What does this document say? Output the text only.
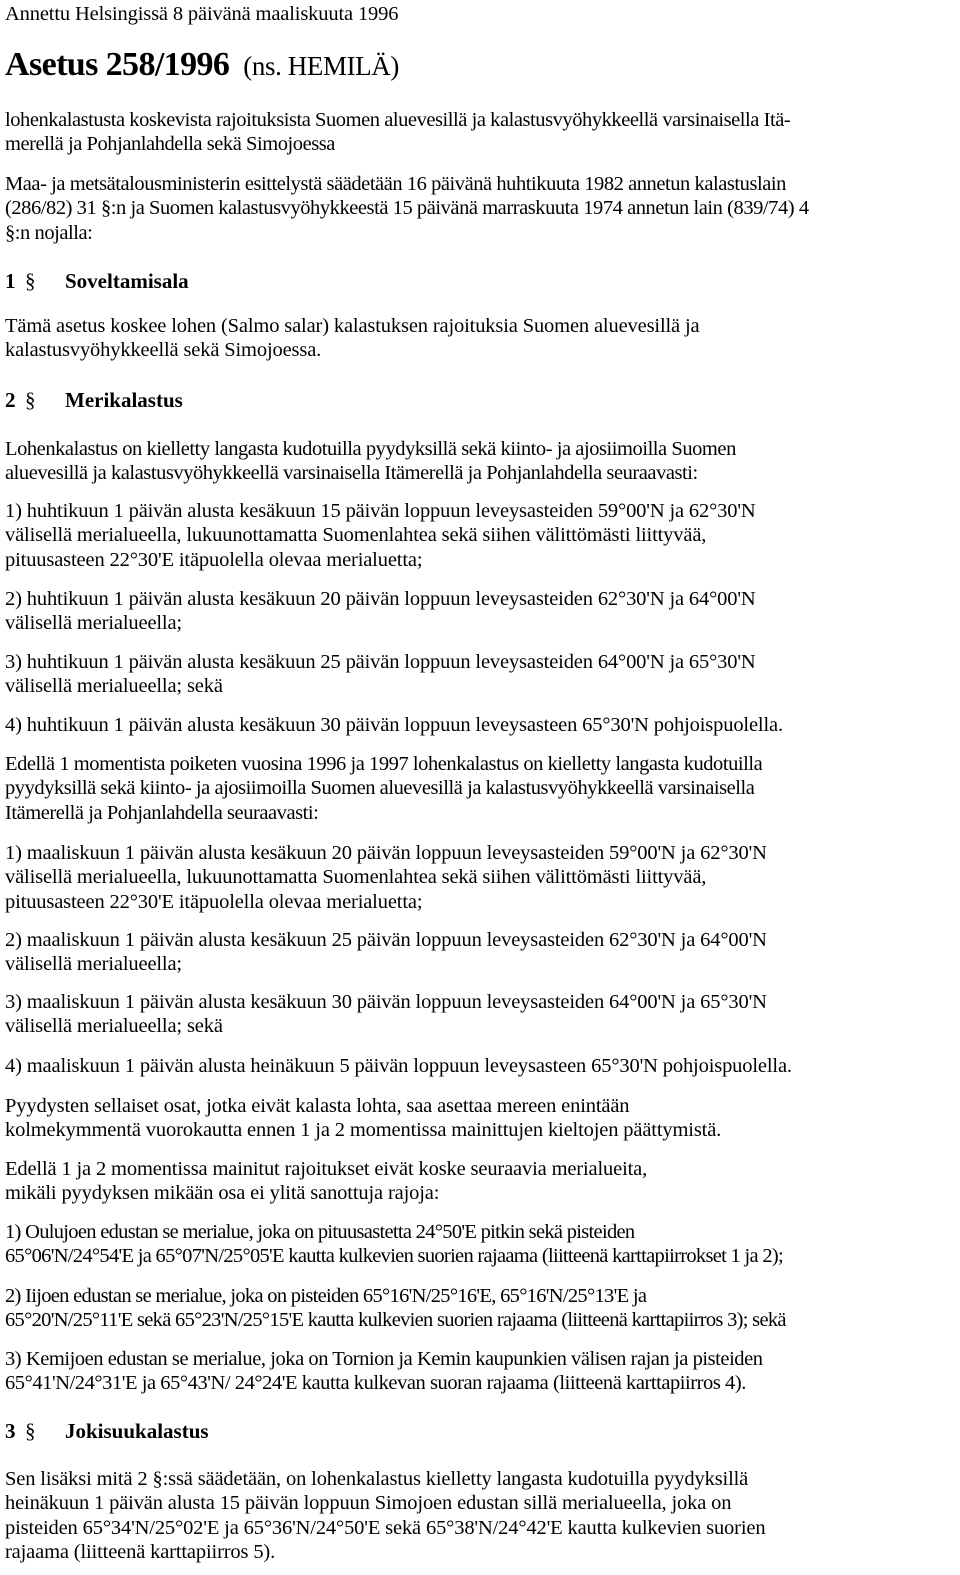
Annettu Helsingissä 8 päivänä maaliskuuta 1996

Asetus 258/1996 (ns. HEMILÄ)

lohenkalastusta koskevista rajoituksista Suomen aluevesillä ja kalastusvyöhykkeellä varsinaisella Itä-
merellä ja Pohjanlahdella sekä Simojoessa

Maa- ja metsätalousministerin esittelystä säädetään 16 päivänä huhtikuuta 1982 annetun kalastuslain
(286/82) 31 §:n ja Suomen kalastusvyöhykkeestä 15 päivänä marraskuuta 1974 annetun lain (839/74) 4
§:n nojalla:

1 § Soveltamisala

Tämä asetus koskee lohen (Salmo salar) kalastuksen rajoituksia Suomen aluevesillä ja
kalastusvyöhykkeellä sekä Simojoessa.

2 § Merikalastus

Lohenkalastus on kielletty langasta kudotuilla pyydyksillä sekä kiinto- ja ajosiimoilla Suomen
aluevesillä ja kalastusvyöhykkeellä varsinaisella Itämerellä ja Pohjanlahdella seuraavasti:

1) huhtikuun 1 päivän alusta kesäkuun 15 päivän loppuun leveysasteiden 59°00'N ja 62°30'N
välisellä merialueella, lukuunottamatta Suomenlahtea sekä siihen välittömästi liittyvää,
pituusasteen 22°30'E itäpuolella olevaa merialuetta;

2) huhtikuun 1 päivän alusta kesäkuun 20 päivän loppuun leveysasteiden 62°30'N ja 64°00'N
välisellä merialueella;

3) huhtikuun 1 päivän alusta kesäkuun 25 päivän loppuun leveysasteiden 64°00'N ja 65°30'N
välisellä merialueella; sekä

4) huhtikuun 1 päivän alusta kesäkuun 30 päivän loppuun leveysasteen 65°30'N pohjoispuolella.

Edellä 1 momentista poiketen vuosina 1996 ja 1997 lohenkalastus on kielletty langasta kudotuilla
pyydyksillä sekä kiinto- ja ajosiimoilla Suomen aluevesillä ja kalastusvyöhykkeellä varsinaisella
Itämerellä ja Pohjanlahdella seuraavasti:

1) maaliskuun 1 päivän alusta kesäkuun 20 päivän loppuun leveysasteiden 59°00'N ja 62°30'N
välisellä merialueella, lukuunottamatta Suomenlahtea sekä siihen välittömästi liittyvää,
pituusasteen 22°30'E itäpuolella olevaa merialuetta;

2) maaliskuun 1 päivän alusta kesäkuun 25 päivän loppuun leveysasteiden 62°30'N ja 64°00'N
välisellä merialueella;

3) maaliskuun 1 päivän alusta kesäkuun 30 päivän loppuun leveysasteiden 64°00'N ja 65°30'N
välisellä merialueella; sekä

4) maaliskuun 1 päivän alusta heinäkuun 5 päivän loppuun leveysasteen 65°30'N pohjoispuolella.

Pyydysten sellaiset osat, jotka eivät kalasta lohta, saa asettaa mereen enintään
kolmekymmentä vuorokautta ennen 1 ja 2 momentissa mainittujen kieltojen päättymistä.

Edellä 1 ja 2 momentissa mainitut rajoitukset eivät koske seuraavia merialueita,
mikäli pyydyksen mikään osa ei ylitä sanottuja rajoja:

1) Oulujoen edustan se merialue, joka on pituusastetta 24°50'E pitkin sekä pisteiden
65°06'N/24°54'E ja 65°07'N/25°05'E kautta kulkevien suorien rajaama (liitteenä karttapiirrokset 1 ja 2);

2) Iijoen edustan se merialue, joka on pisteiden 65°16'N/25°16'E, 65°16'N/25°13'E ja
65°20'N/25°11'E sekä 65°23'N/25°15'E kautta kulkevien suorien rajaama (liitteenä karttapiirros 3); sekä

3) Kemijoen edustan se merialue, joka on Tornion ja Kemin kaupunkien välisen rajan ja pisteiden
65°41'N/24°31'E ja 65°43'N/ 24°24'E kautta kulkevan suoran rajaama (liitteenä karttapiirros 4).

3 § Jokisuukalastus

Sen lisäksi mitä 2 §:ssä säädetään, on lohenkalastus kielletty langasta kudotuilla pyydyksillä
heinäkuun 1 päivän alusta 15 päivän loppuun Simojoen edustan sillä merialueella, joka on
pisteiden 65°34'N/25°02'E ja 65°36'N/24°50'E sekä 65°38'N/24°42'E kautta kulkevien suorien
rajaama (liitteenä karttapiirros 5).
